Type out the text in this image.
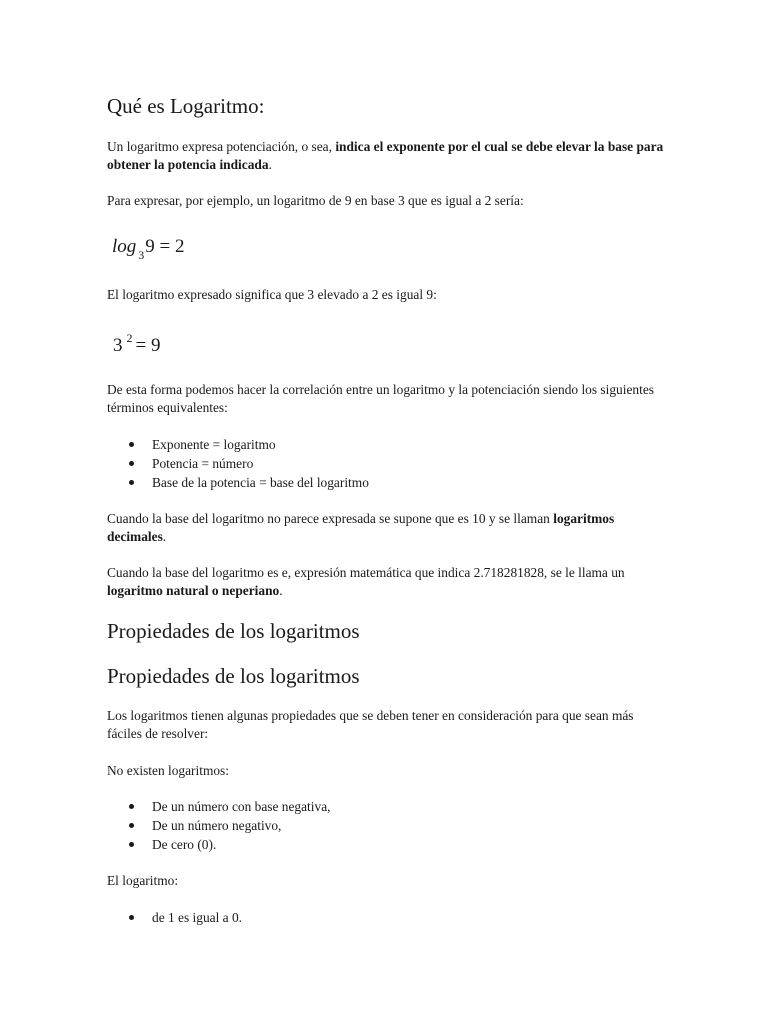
Qué es Logaritmo:

Un logaritmo expresa potenciación, o sea, indica el exponente por el cual se debe elevar la base para obtener la potencia indicada.

Para expresar, por ejemplo, un logaritmo de 9 en base 3 que es igual a 2 sería:

log $_3$9 = 2

El logaritmo expresado significa que 3 elevado a 2 es igual 9:

3 $^2$ = 9

De esta forma podemos hacer la correlación entre un logaritmo y la potenciación siendo los siguientes términos equivalentes:

Exponente = logaritmo
Potencia = número
Base de la potencia = base del logaritmo

Cuando la base del logaritmo no parece expresada se supone que es 10 y se llaman logaritmos decimales.

Cuando la base del logaritmo es e, expresión matemática que indica 2.718281828, se le llama un logaritmo natural o neperiano.

Propiedades de los logaritmos
Propiedades de los logaritmos

Los logaritmos tienen algunas propiedades que se deben tener en consideración para que sean más fáciles de resolver:

No existen logaritmos:

De un número con base negativa,
De un número negativo,
De cero (0).

El logaritmo:

de 1 es igual a 0.
